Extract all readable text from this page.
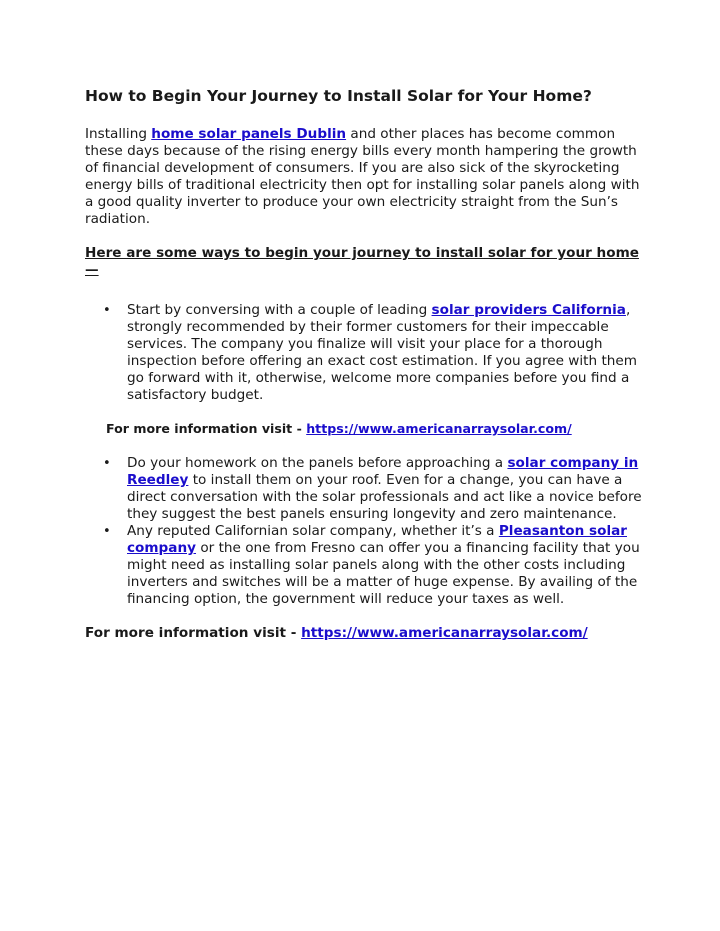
How to Begin Your Journey to Install Solar for Your Home?

Installing home solar panels Dublin and other places has become common these days because of the rising energy bills every month hampering the growth of financial development of consumers. If you are also sick of the skyrocketing energy bills of traditional electricity then opt for installing solar panels along with a good quality inverter to produce your own electricity straight from the Sun’s radiation.

Here are some ways to begin your journey to install solar for your home—

• Start by conversing with a couple of leading solar providers California, strongly recommended by their former customers for their impeccable services. The company you finalize will visit your place for a thorough inspection before offering an exact cost estimation. If you agree with them go forward with it, otherwise, welcome more companies before you find a satisfactory budget.

For more information visit - https://www.americanarraysolar.com/

• Do your homework on the panels before approaching a solar company in Reedley to install them on your roof. Even for a change, you can have a direct conversation with the solar professionals and act like a novice before they suggest the best panels ensuring longevity and zero maintenance.
• Any reputed Californian solar company, whether it’s a Pleasanton solar company or the one from Fresno can offer you a financing facility that you might need as installing solar panels along with the other costs including inverters and switches will be a matter of huge expense. By availing of the financing option, the government will reduce your taxes as well.

For more information visit - https://www.americanarraysolar.com/
